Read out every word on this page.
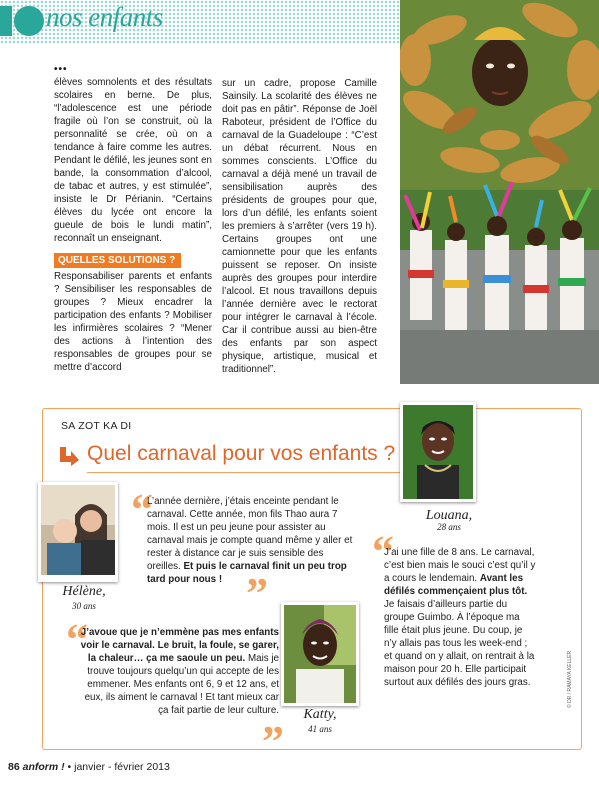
nos enfants
•••

élèves somnolents et des résultats scolaires en berne. De plus, “l’adolescence est une période fragile où l’on se construit, où la personnalité se crée, où on a tendance à faire comme les autres. Pendant le défilé, les jeunes sont en bande, la consommation d’alcool, de tabac et autres, y est stimulée”, insiste le Dr Périanin. “Certains élèves du lycée ont encore la gueule de bois le lundi matin”, reconnaît un enseignant.

QUELLES SOLUTIONS ?

Responsabiliser parents et enfants ? Sensibiliser les responsables de groupes ? Mieux encadrer la participation des enfants ? Mobiliser les infirmières scolaires ? “Mener des actions à l’intention des responsables de groupes pour se mettre d’accord

sur un cadre, propose Camille Sainsily. La scolarité des élèves ne doit pas en pâtir”. Réponse de Joël Raboteur, président de l’Office du carnaval de la Guadeloupe : “C’est un débat récurrent. Nous en sommes conscients. L’Office du carnaval a déjà mené un travail de sensibilisation auprès des présidents de groupes pour que, lors d’un défilé, les enfants soient les premiers à s’arrêter (vers 19 h). Certains groupes ont une camionnette pour que les enfants puissent se reposer. On insiste auprès des groupes pour interdire l’alcool. Et nous travaillons depuis l’année dernière avec le rectorat pour intégrer le carnaval à l’école. Car il contribue aussi au bien-être des enfants par son aspect physique, artistique, musical et traditionnel”.

SA ZOT KA DI
Quel carnaval pour vos enfants ?
Hélène,
30 ans
Louana,
28 ans
Katty,
41 ans
“
L’année dernière, j’étais enceinte pendant le carnaval. Cette année, mon fils Thao aura 7 mois. Il est un peu jeune pour assister au carnaval mais je compte quand même y aller et rester à distance car je suis sensible des oreilles. Et puis le carnaval finit un peu trop tard pour nous ! ”
“
J’avoue que je n’emmène pas mes enfants voir le carnaval. Le bruit, la foule, se garer, la chaleur… ça me saoule un peu. Mais je trouve toujours quelqu’un qui accepte de les emmener. Mes enfants ont 6, 9 et 12 ans, et eux, ils aiment le carnaval ! Et tant mieux car ça fait partie de leur culture.
”
“
J’ai une fille de 8 ans. Le carnaval, c’est bien mais le souci c’est qu’il y a cours le lendemain. Avant les défilés commençaient plus tôt. Je faisais d’ailleurs partie du groupe Guimbo. À l’époque ma fille était plus jeune. Du coup, je n’y allais pas tous les week-end ; et quand on y allait, on rentrait à la maison pour 20 h. Elle participait surtout aux défilés des jours gras.	© DR / RAMAYA KELLER
86 anform ! • janvier - février 2013
